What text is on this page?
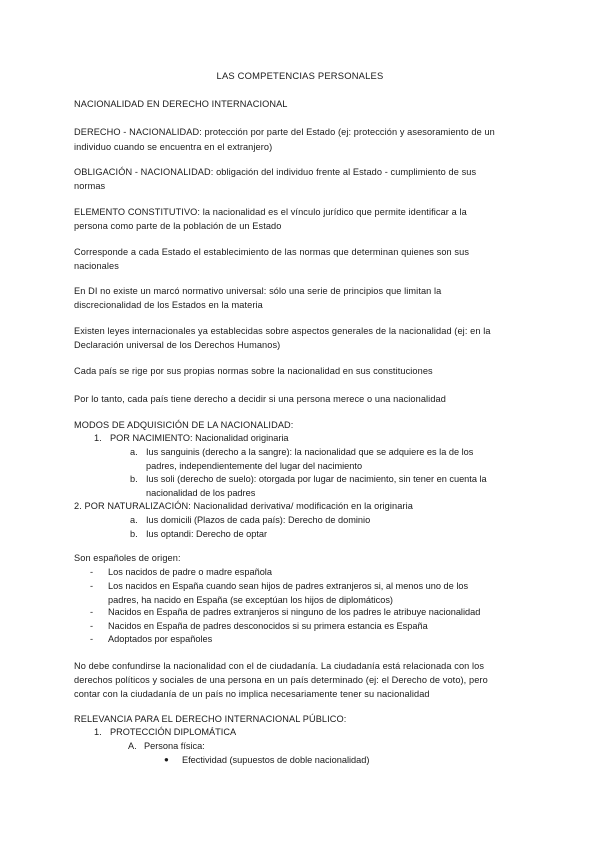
LAS COMPETENCIAS PERSONALES
NACIONALIDAD EN DERECHO INTERNACIONAL
DERECHO - NACIONALIDAD: protección por parte del Estado (ej: protección y asesoramiento de un
individuo cuando se encuentra en el extranjero)
OBLIGACIÓN - NACIONALIDAD: obligación del individuo frente al Estado - cumplimiento de sus
normas
ELEMENTO CONSTITUTIVO: la nacionalidad es el vínculo jurídico que permite identificar a la
persona como parte de la población de un Estado
Corresponde a cada Estado el establecimiento de las normas que determinan quienes son sus
nacionales
En DI no existe un marcó normativo universal: sólo una serie de principios que limitan la
discrecionalidad de los Estados en la materia
Existen leyes internacionales ya establecidas sobre aspectos generales de la nacionalidad (ej: en la
Declaración universal de los Derechos Humanos)
Cada país se rige por sus propias normas sobre la nacionalidad en sus constituciones
Por lo tanto, cada país tiene derecho a decidir si una persona merece o una nacionalidad
MODOS DE ADQUISICIÓN DE LA NACIONALIDAD:
1. POR NACIMIENTO: Nacionalidad originaria
a. Ius sanguinis (derecho a la sangre): la nacionalidad que se adquiere es la de los
padres, independientemente del lugar del nacimiento
b. Ius soli (derecho de suelo): otorgada por lugar de nacimiento, sin tener en cuenta la
nacionalidad de los padres
2. POR NATURALIZACIÓN: Nacionalidad derivativa/ modificación en la originaria
a. Ius domicili (Plazos de cada país): Derecho de dominio
b. Ius optandi: Derecho de optar
Son españoles de origen:
- Los nacidos de padre o madre española
- Los nacidos en España cuando sean hijos de padres extranjeros si, al menos uno de los
padres, ha nacido en España (se exceptúan los hijos de diplomáticos)
- Nacidos en España de padres extranjeros si ninguno de los padres le atribuye nacionalidad
- Nacidos en España de padres desconocidos si su primera estancia es España
- Adoptados por españoles
No debe confundirse la nacionalidad con el de ciudadanía. La ciudadanía está relacionada con los
derechos políticos y sociales de una persona en un país determinado (ej: el Derecho de voto), pero
contar con la ciudadanía de un país no implica necesariamente tener su nacionalidad
RELEVANCIA PARA EL DERECHO INTERNACIONAL PÚBLICO:
1. PROTECCIÓN DIPLOMÁTICA
A. Persona física:
● Efectividad (supuestos de doble nacionalidad)
